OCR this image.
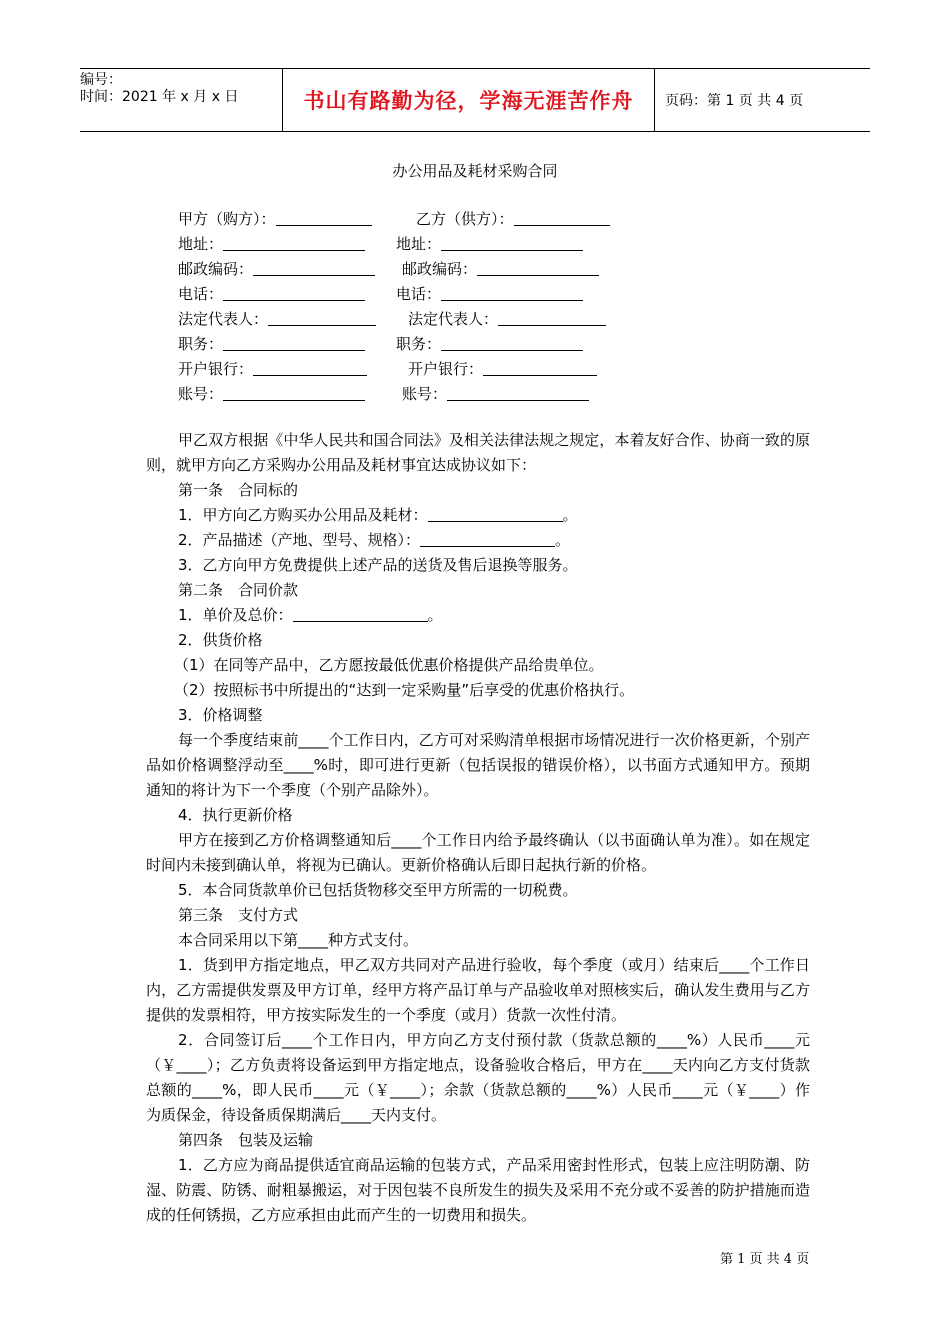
编号：
时间：2021 年 x 月 x 日	书山有路勤为径，学海无涯苦作舟 页码：第 1 页 共 4 页
办公用品及耗材采购合同
甲方（购方）：	乙方（供方）：
地址：	地址：
邮政编码：	邮政编码：
电话：	电话：
法定代表人：	法定代表人：
职务：	职务：
开户银行：	开户银行：
账号：	账号：

甲乙双方根据《中华人民共和国合同法》及相关法律法规之规定，本着友好合作、协商一致的原则，就甲方向乙方采购办公用品及耗材事宜达成协议如下：

第一条　合同标的

1．甲方向乙方购买办公用品及耗材：	。

2．产品描述（产地、型号、规格）：	。

3．乙方向甲方免费提供上述产品的送货及售后退换等服务。

第二条　合同价款

1．单价及总价：	。

2．供货价格

（1）在同等产品中，乙方愿按最低优惠价格提供产品给贵单位。

（2）按照标书中所提出的“达到一定采购量”后享受的优惠价格执行。

3．价格调整

每一个季度结束前____个工作日内，乙方可对采购清单根据市场情况进行一次价格更新，个别产品如价格调整浮动至____%时，即可进行更新（包括误报的错误价格），以书面方式通知甲方。预期通知的将计为下一个季度（个别产品除外）。

4．执行更新价格

甲方在接到乙方价格调整通知后____个工作日内给予最终确认（以书面确认单为准）。如在规定时间内未接到确认单，将视为已确认。更新价格确认后即日起执行新的价格。

5．本合同货款单价已包括货物移交至甲方所需的一切税费。

第三条　支付方式

本合同采用以下第____种方式支付。

1．货到甲方指定地点，甲乙双方共同对产品进行验收，每个季度（或月）结束后____个工作日内，乙方需提供发票及甲方订单，经甲方将产品订单与产品验收单对照核实后，确认发生费用与乙方提供的发票相符，甲方按实际发生的一个季度（或月）货款一次性付清。

2．合同签订后____个工作日内，甲方向乙方支付预付款（货款总额的____%）人民币____元（￥____）；乙方负责将设备运到甲方指定地点，设备验收合格后，甲方在____天内向乙方支付货款总额的____%，即人民币____元（￥____）；余款（货款总额的____%）人民币____元（￥____）作为质保金，待设备质保期满后____天内支付。

第四条　包装及运输

1．乙方应为商品提供适宜商品运输的包装方式，产品采用密封性形式，包装上应注明防潮、防湿、防震、防锈、耐粗暴搬运，对于因包装不良所发生的损失及采用不充分或不妥善的防护措施而造成的任何锈损，乙方应承担由此而产生的一切费用和损失。

第 1 页 共 4 页
